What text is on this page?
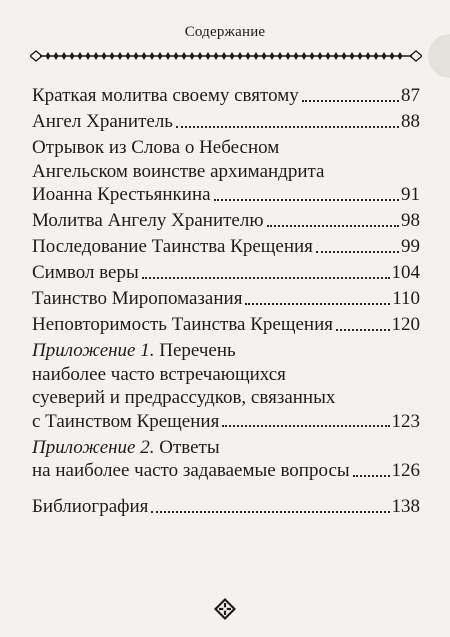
Содержание
Краткая молитва своему святому	87
Ангел Хранитель	88
Отрывок из Слова о Небесном
Ангельском воинстве архимандрита
Иоанна Крестьянкина	91
Молитва Ангелу Хранителю	98
Последование Таинства Крещения	99
Символ веры	104
Таинство Миропомазания	110
Неповторимость Таинства Крещения	120
Приложение 1. Перечень
наиболее часто встречающихся
суеверий и предрассудков, связанных
с Таинством Крещения	123
Приложение 2. Ответы
на наиболее часто задаваемые вопросы 126
Библиография	138
